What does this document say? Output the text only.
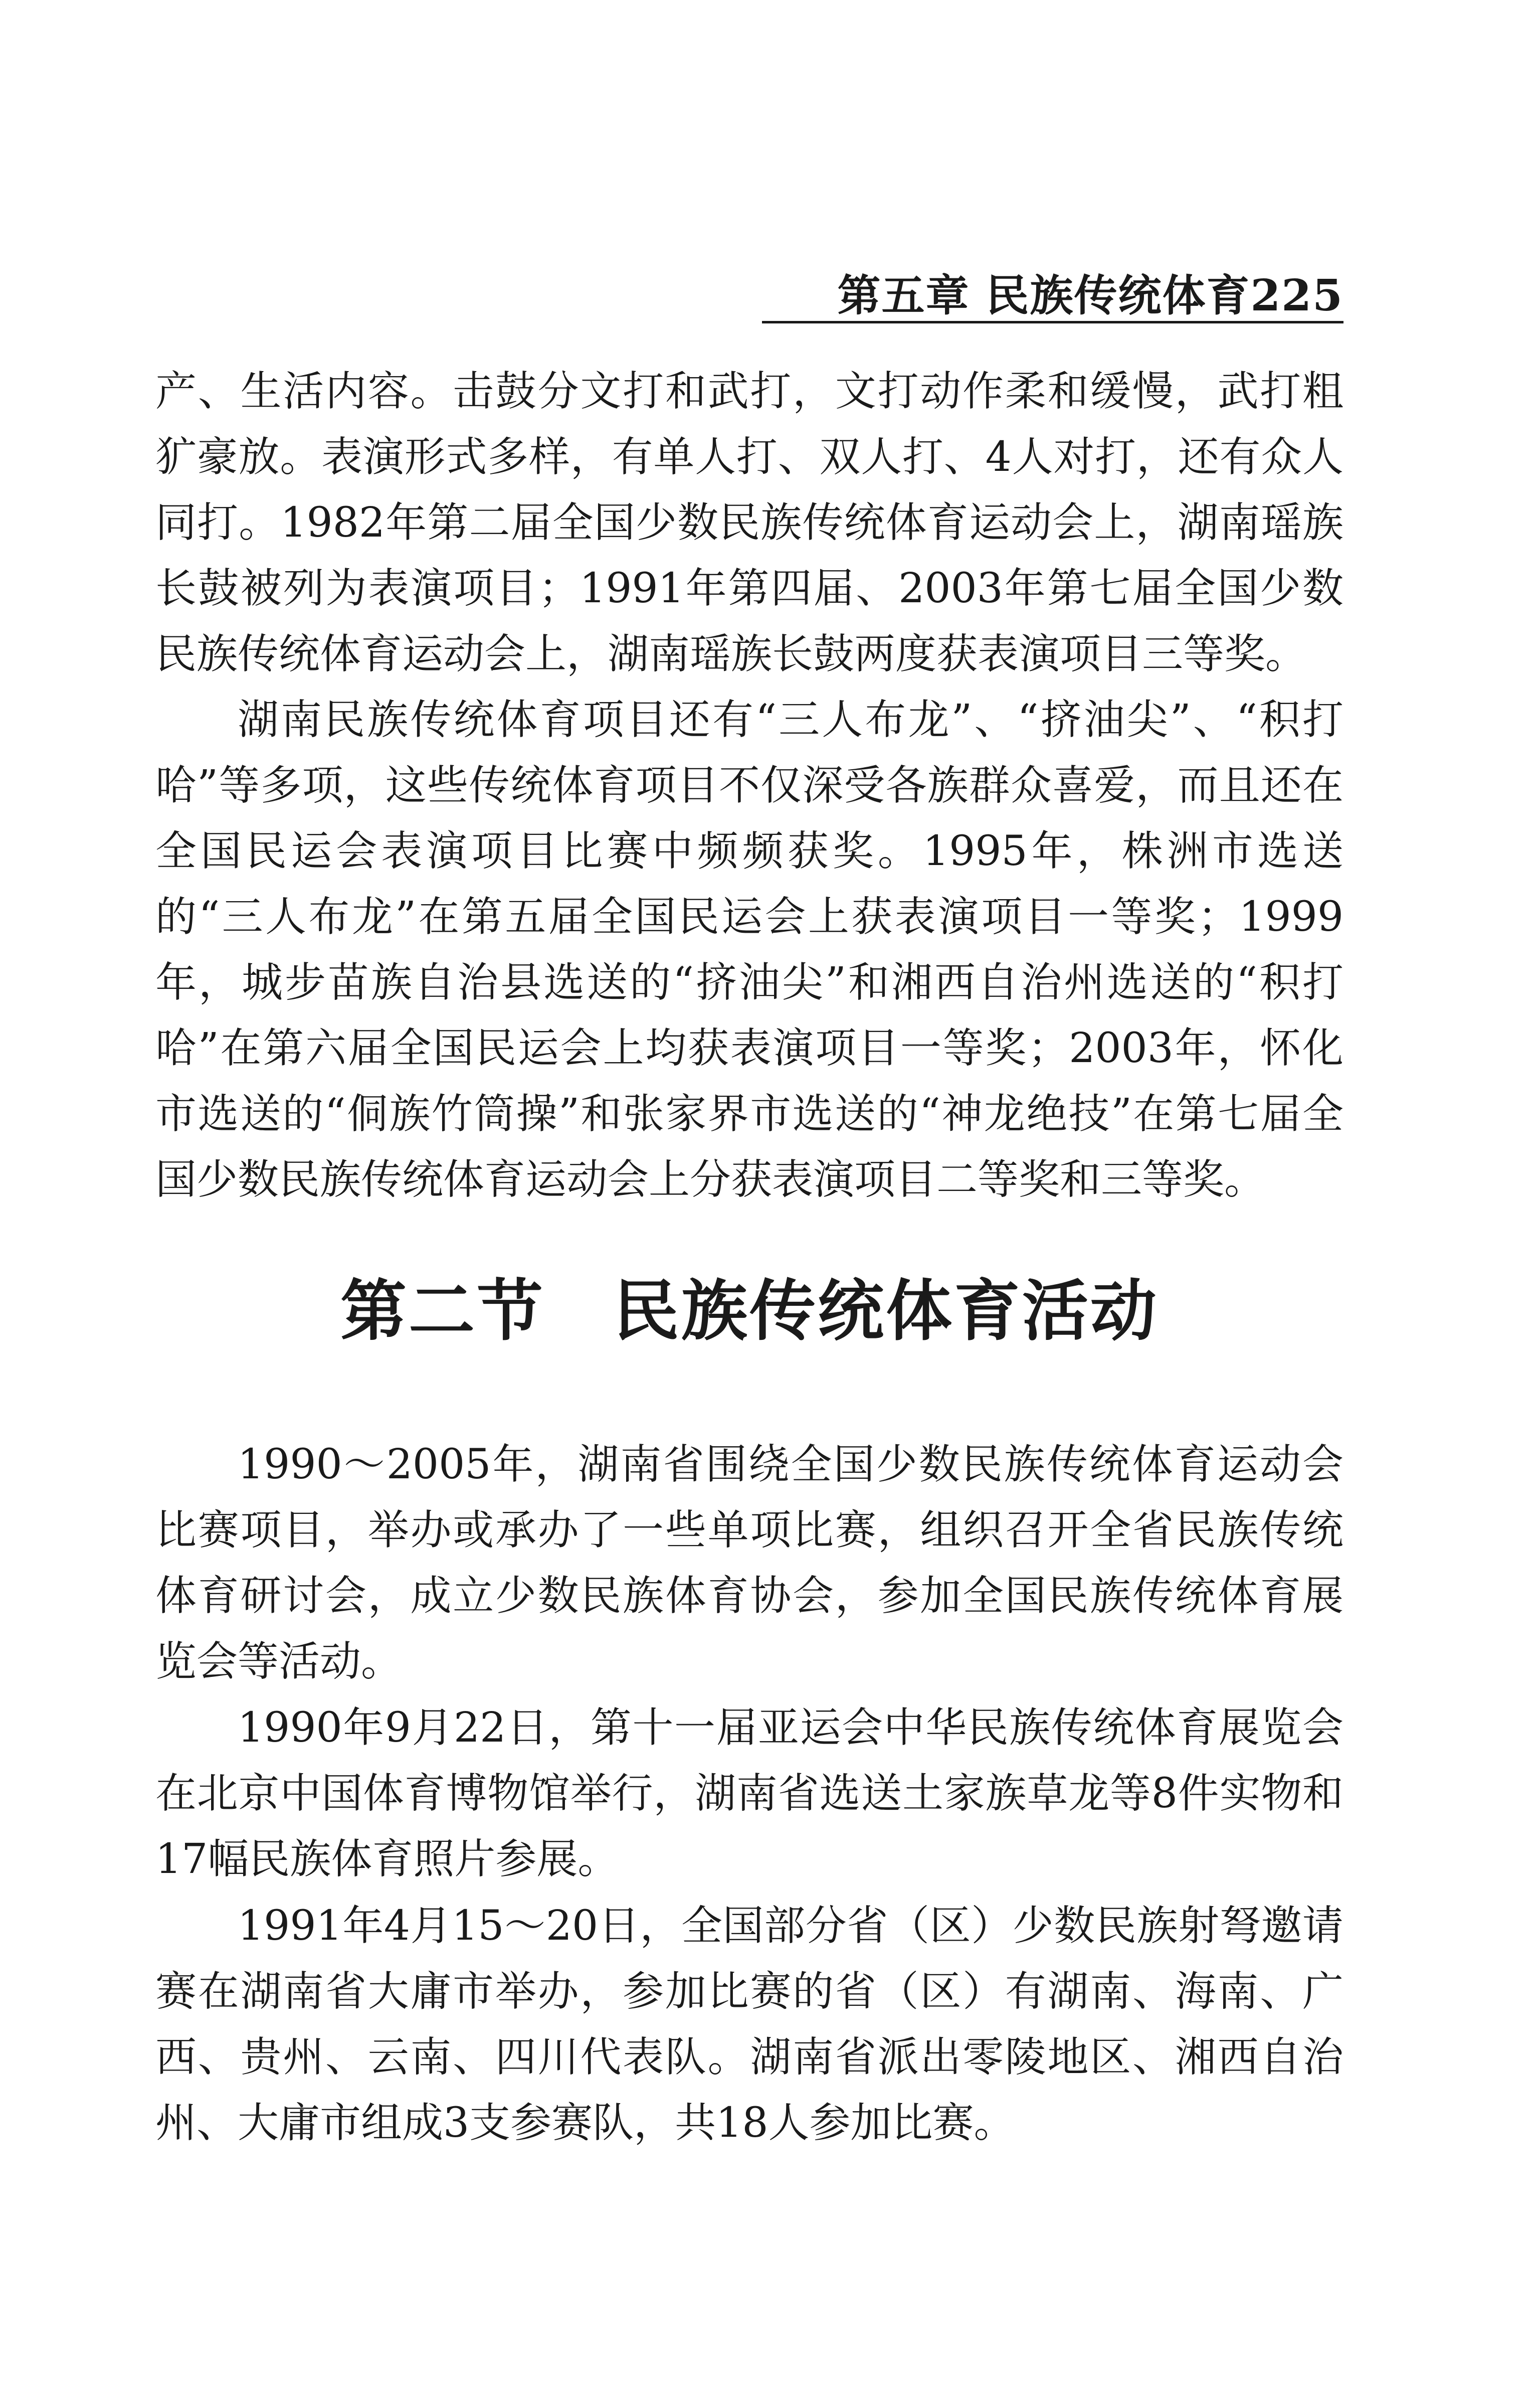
第五章 民族传统体育225
产、生活内容。击鼓分文打和武打，文打动作柔和缓慢，武打粗犷豪放。表演形式多样，有单人打、双人打、4人对打，还有众人同打。1982年第二届全国少数民族传统体育运动会上，湖南瑶族长鼓被列为表演项目；1991年第四届、2003年第七届全国少数民族传统体育运动会上，湖南瑶族长鼓两度获表演项目三等奖。
湖南民族传统体育项目还有“三人布龙”、“挤油尖”、“积打哈”等多项，这些传统体育项目不仅深受各族群众喜爱，而且还在全国民运会表演项目比赛中频频获奖。1995年，株洲市选送的“三人布龙”在第五届全国民运会上获表演项目一等奖；1999年，城步苗族自治县选送的“挤油尖”和湘西自治州选送的“积打哈”在第六届全国民运会上均获表演项目一等奖；2003年，怀化市选送的“侗族竹筒操”和张家界市选送的“神龙绝技”在第七届全国少数民族传统体育运动会上分获表演项目二等奖和三等奖。
第二节　民族传统体育活动
1990～2005年，湖南省围绕全国少数民族传统体育运动会比赛项目，举办或承办了一些单项比赛，组织召开全省民族传统体育研讨会，成立少数民族体育协会，参加全国民族传统体育展览会等活动。
1990年9月22日，第十一届亚运会中华民族传统体育展览会在北京中国体育博物馆举行，湖南省选送土家族草龙等8件实物和17幅民族体育照片参展。
1991年4月15～20日，全国部分省（区）少数民族射弩邀请赛在湖南省大庸市举办，参加比赛的省（区）有湖南、海南、广西、贵州、云南、四川代表队。湖南省派出零陵地区、湘西自治州、大庸市组成3支参赛队，共18人参加比赛。
